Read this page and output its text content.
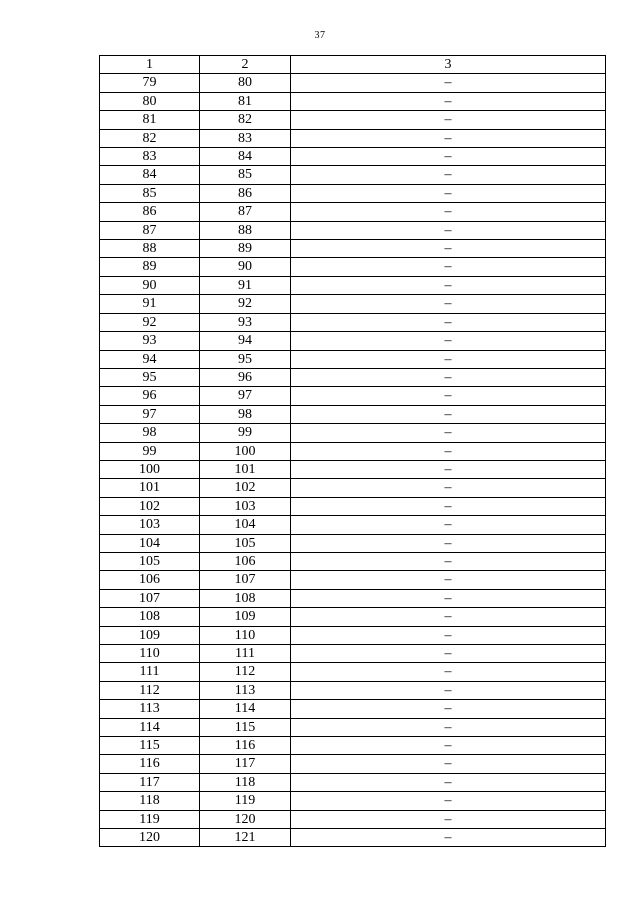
37
1	2	3
79	80	–
80	81	–
81	82	–
82	83	–
83	84	–
84	85	–
85	86	–
86	87	–
87	88	–
88	89	–
89	90	–
90	91	–
91	92	–
92	93	–
93	94	–
94	95	–
95	96	–
96	97	–
97	98	–
98	99	–
99	100	–
100	101	–
101	102	–
102	103	–
103	104	–
104	105	–
105	106	–
106	107	–
107	108	–
108	109	–
109	110	–
110	111	–
111	112	–
112	113	–
113	114	–
114	115	–
115	116	–
116	117	–
117	118	–
118	119	–
119	120	–
120	121	–
